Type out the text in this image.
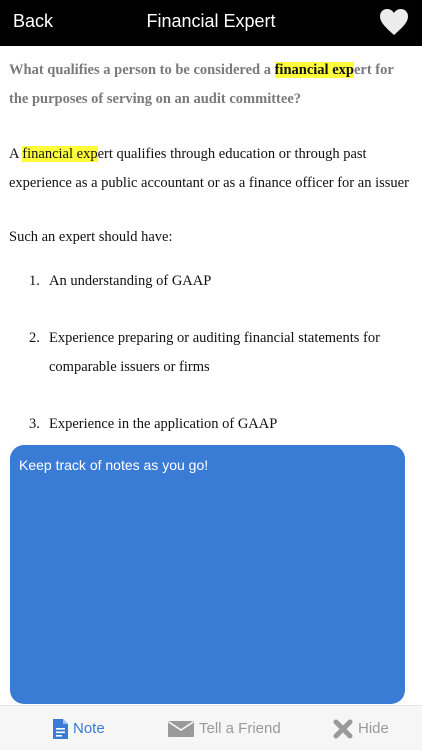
Back	Financial Expert
What qualifies a person to be considered a financial expert for the purposes of serving on an audit committee?
A financial expert qualifies through education or through past experience as a public accountant or as a finance officer for an issuer
Such an expert should have:
1. An understanding of GAAP
2. Experience preparing or auditing financial statements for comparable issuers or firms
3. Experience in the application of GAAP
Keep track of notes as you go!
Note	Tell a Friend	Hide
